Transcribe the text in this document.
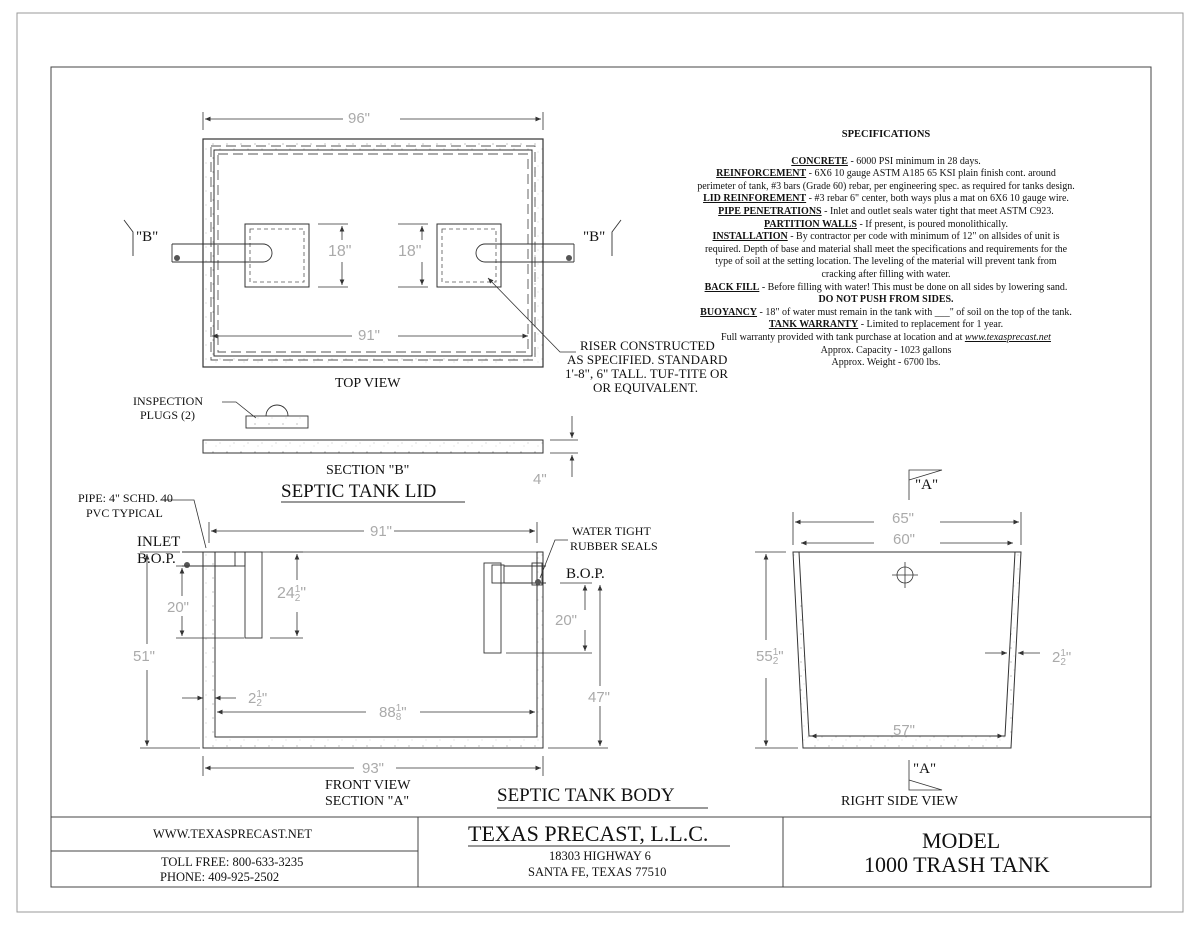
96"
91"
18"	18"
"B"	"B"
RISER CONSTRUCTED
AS SPECIFIED. STANDARD
1'-8", 6" TALL. TUF-TITE OR
OR EQUIVALENT.
TOP VIEW
INSPECTION
PLUGS (2)
4"
SECTION "B"
SEPTIC TANK LID
SPECIFICATIONS
CONCRETE - 6000 PSI minimum in 28 days.
REINFORCEMENT - 6X6 10 gauge ASTM A185 65 KSI plain finish cont. around
perimeter of tank, #3 bars (Grade 60) rebar, per engineering spec. as required for tanks design.
LID REINFOREMENT - #3 rebar 6" center, both ways plus a mat on 6X6 10 gauge wire.
PIPE PENETRATIONS - Inlet and outlet seals water tight that meet ASTM C923.
PARTITION WALLS - If present, is poured monolithically.
INSTALLATION - By contractor per code with minimum of 12" on allsides of unit is
required. Depth of base and material shall meet the specifications and requirements for the
type of soil at the setting location. The leveling of the material will prevent tank from
cracking after filling with water.
BACK FILL - Before filling with water! This must be done on all sides by lowering sand.
DO NOT PUSH FROM SIDES.
BUOYANCY - 18" of water must remain in the tank with ___" of soil on the top of the tank.
TANK WARRANTY - Limited to replacement for 1 year.
Full warranty provided with tank purchase at location and at www.texasprecast.net
Approx. Capacity - 1023 gallons
Approx. Weight - 6700 lbs.
PIPE: 4" SCHD. 40
PVC TYPICAL
INLET
B.O.P.
B.O.P.
WATER TIGHT
RUBBER SEALS
91"
241
2"
20"
20"
51"
47"
21
2"
881
8"
93"
FRONT VIEW
SECTION "A"	SEPTIC TANK BODY
"A"
"A"
65"
60"
551
2"	21
2"
57"
RIGHT SIDE VIEW
WWW.TEXASPRECAST.NET
TOLL FREE: 800-633-3235
PHONE: 409-925-2502
TEXAS PRECAST, L.L.C.
18303 HIGHWAY 6
SANTA FE, TEXAS 77510
MODEL
1000 TRASH TANK
